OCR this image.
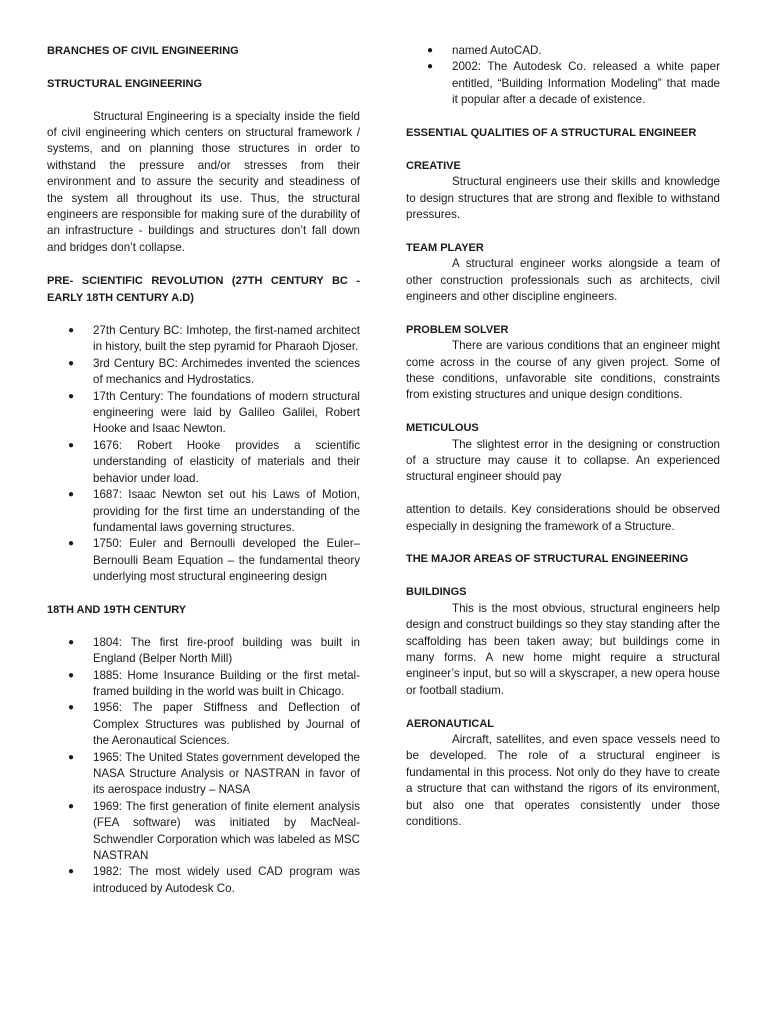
BRANCHES OF CIVIL ENGINEERING
STRUCTURAL ENGINEERING

Structural Engineering is a specialty inside the field of civil engineering which centers on structural framework / systems, and on planning those structures in order to withstand the pressure and/or stresses from their environment and to assure the security and steadiness of the system all throughout its use. Thus, the structural engineers are responsible for making sure of the durability of an infrastructure - buildings and structures don’t fall down and bridges don’t collapse.

PRE- SCIENTIFIC REVOLUTION (27TH CENTURY BC - EARLY 18TH CENTURY A.D)
● 27th Century BC: Imhotep, the first-named architect in history, built the step pyramid for Pharaoh Djoser.
● 3rd Century BC: Archimedes invented the sciences of mechanics and Hydrostatics.
● 17th Century: The foundations of modern structural engineering were laid by Galileo Galilei, Robert Hooke and Isaac Newton.
● 1676: Robert Hooke provides a scientific understanding of elasticity of materials and their behavior under load.
● 1687: Isaac Newton set out his Laws of Motion, providing for the first time an understanding of the fundamental laws governing structures.
● 1750: Euler and Bernoulli developed the Euler–Bernoulli Beam Equation – the fundamental theory underlying most structural engineering design
18TH AND 19TH CENTURY
● 1804: The first fire-proof building was built in England (Belper North Mill)
● 1885: Home Insurance Building or the first metal-framed building in the world was built in Chicago.
● 1956: The paper Stiffness and Deflection of Complex Structures was published by Journal of the Aeronautical Sciences.
● 1965: The United States government developed the NASA Structure Analysis or NASTRAN in favor of its aerospace industry – NASA
● 1969: The first generation of finite element analysis (FEA software) was initiated by MacNeal-Schwendler Corporation which was labeled as MSC NASTRAN
● 1982: The most widely used CAD program was introduced by Autodesk Co.
● named AutoCAD.
● 2002: The Autodesk Co. released a white paper entitled, “Building Information Modeling” that made it popular after a decade of existence.
ESSENTIAL QUALITIES OF A STRUCTURAL ENGINEER
CREATIVE

Structural engineers use their skills and knowledge to design structures that are strong and flexible to withstand pressures.

TEAM PLAYER

A structural engineer works alongside a team of other construction professionals such as architects, civil engineers and other discipline engineers.

PROBLEM SOLVER

There are various conditions that an engineer might come across in the course of any given project. Some of these conditions, unfavorable site conditions, constraints from existing structures and unique design conditions.

METICULOUS

The slightest error in the designing or construction of a structure may cause it to collapse. An experienced structural engineer should pay

attention to details. Key considerations should be observed especially in designing the framework of a Structure.

THE MAJOR AREAS OF STRUCTURAL ENGINEERING
BUILDINGS

This is the most obvious, structural engineers help design and construct buildings so they stay standing after the scaffolding has been taken away; but buildings come in many forms. A new home might require a structural engineer’s input, but so will a skyscraper, a new opera house or football stadium.

AERONAUTICAL

Aircraft, satellites, and even space vessels need to be developed. The role of a structural engineer is fundamental in this process. Not only do they have to create a structure that can withstand the rigors of its environment, but also one that operates consistently under those conditions.
